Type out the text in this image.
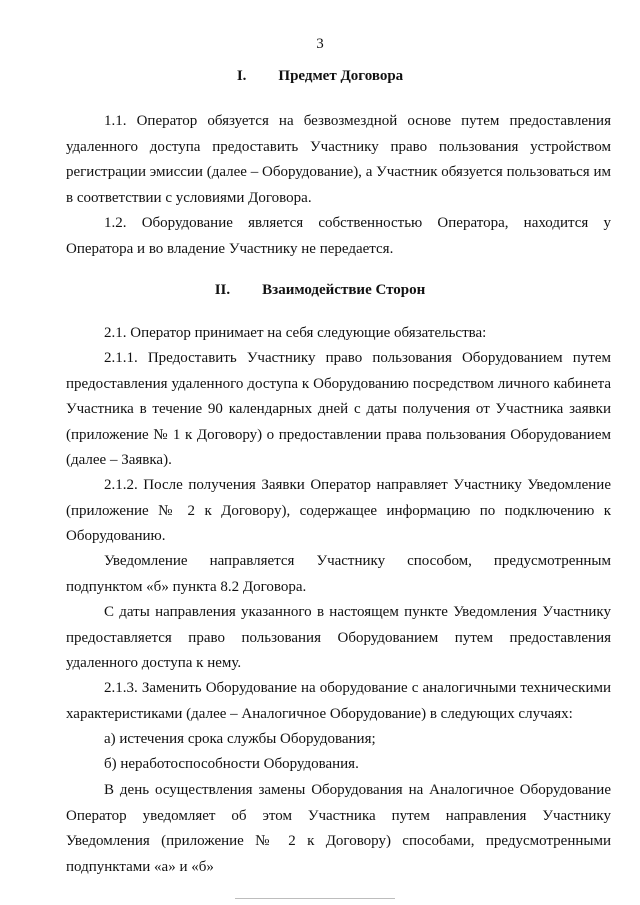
3
I. Предмет Договора

1.1. Оператор обязуется на безвозмездной основе путем предоставления удаленного доступа предоставить Участнику право пользования устройством регистрации эмиссии (далее – Оборудование), а Участник обязуется пользоваться им в соответствии с условиями Договора.

1.2. Оборудование является собственностью Оператора, находится у Оператора и во владение Участнику не передается.

II. Взаимодействие Сторон

2.1. Оператор принимает на себя следующие обязательства:

2.1.1. Предоставить Участнику право пользования Оборудованием путем предоставления удаленного доступа к Оборудованию посредством личного кабинета Участника в течение 90 календарных дней с даты получения от Участника заявки (приложение № 1 к Договору) о предоставлении права пользования Оборудованием (далее – Заявка).

2.1.2. После получения Заявки Оператор направляет Участнику Уведомление (приложение № 2 к Договору), содержащее информацию по подключению к Оборудованию.

Уведомление направляется Участнику способом, предусмотренным подпунктом «б» пункта 8.2 Договора.

С даты направления указанного в настоящем пункте Уведомления Участнику предоставляется право пользования Оборудованием путем предоставления удаленного доступа к нему.

2.1.3. Заменить Оборудование на оборудование с аналогичными техническими характеристиками (далее – Аналогичное Оборудование) в следующих случаях:

а) истечения срока службы Оборудования;

б) неработоспособности Оборудования.

В день осуществления замены Оборудования на Аналогичное Оборудование Оператор уведомляет об этом Участника путем направления Участнику Уведомления (приложение № 2 к Договору) способами, предусмотренными подпунктами «а» и «б»
